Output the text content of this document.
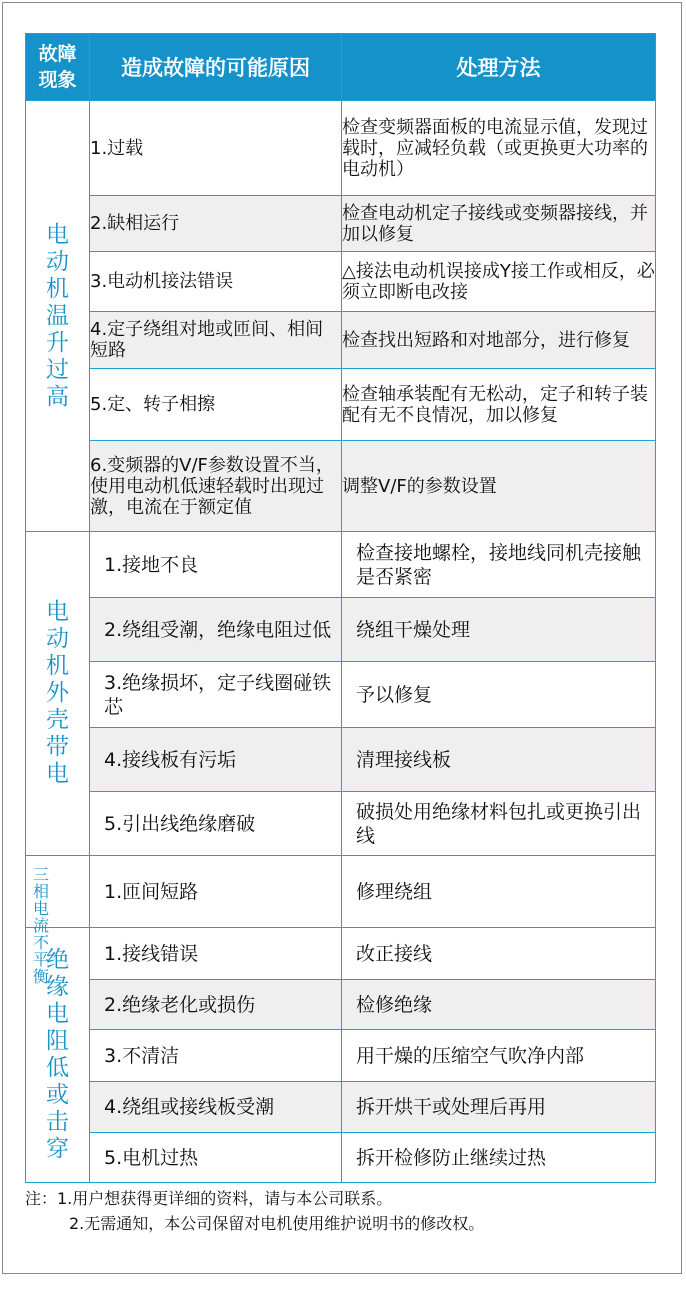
故障现象	造成故障的可能原因	处理方法
电动机温升过高	1.过载	检查变频器面板的电流显示值，发现过载时，应减轻负载（或更换更大功率的电动机）
	2.缺相运行	检查电动机定子接线或变频器接线，并加以修复
	3.电动机接法错误	△接法电动机误接成Y接工作或相反，必须立即断电改接
	4.定子绕组对地或匝间、相间短路	检查找出短路和对地部分，进行修复
	5.定、转子相擦	检查轴承装配有无松动，定子和转子装配有无不良情况，加以修复
	6.变频器的V/F参数设置不当，使用电动机低速轻载时出现过激，电流在于额定值	调整V/F的参数设置
电动机外壳带电	1.接地不良	检查接地螺栓，接地线同机壳接触是否紧密
	2.绕组受潮，绝缘电阻过低	绕组干燥处理
	3.绝缘损坏，定子线圈碰铁芯	予以修复
	4.接线板有污垢	清理接线板
	5.引出线绝缘磨破	破损处用绝缘材料包扎或更换引出线

三相电流不平衡	1.匝间短路	修理绕组
绝缘电阻低或击穿	1.接线错误	改正接线
	2.绝缘老化或损伤	检修绝缘
	3.不清洁	用干燥的压缩空气吹净内部
	4.绕组或接线板受潮	拆开烘干或处理后再用
	5.电机过热	拆开检修防止继续过热
注：1.用户想获得更详细的资料，请与本公司联系。
2.无需通知，本公司保留对电机使用维护说明书的修改权。
